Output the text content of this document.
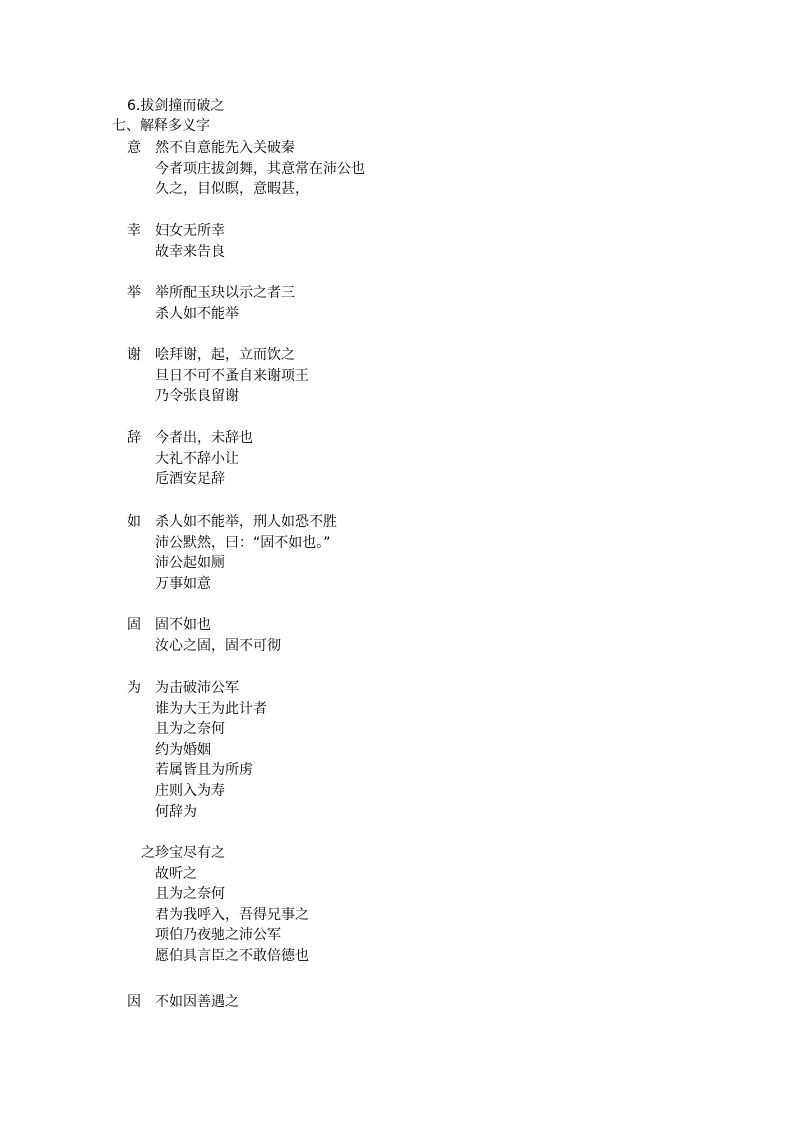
6.拔剑撞而破之
七、解释多义字
意 然不自意能先入关破秦
今者项庄拔剑舞，其意常在沛公也
久之，目似瞑，意暇甚，
幸 妇女无所幸
故幸来告良
举 举所配玉玦以示之者三
杀人如不能举
谢 哙拜谢，起，立而饮之
旦日不可不蚤自来谢项王
乃令张良留谢
辞 今者出，未辞也
大礼不辞小让
卮酒安足辞
如 杀人如不能举，刑人如恐不胜
沛公默然，曰：“固不如也。”
沛公起如厕
万事如意
固 固不如也
汝心之固，固不可彻
为 为击破沛公军
谁为大王为此计者
且为之奈何
约为婚姻
若属皆且为所虏
庄则入为寿
何辞为
之 珍宝尽有之
故听之
且为之奈何
君为我呼入，吾得兄事之
项伯乃夜驰之沛公军
愿伯具言臣之不敢倍德也
因 不如因善遇之
